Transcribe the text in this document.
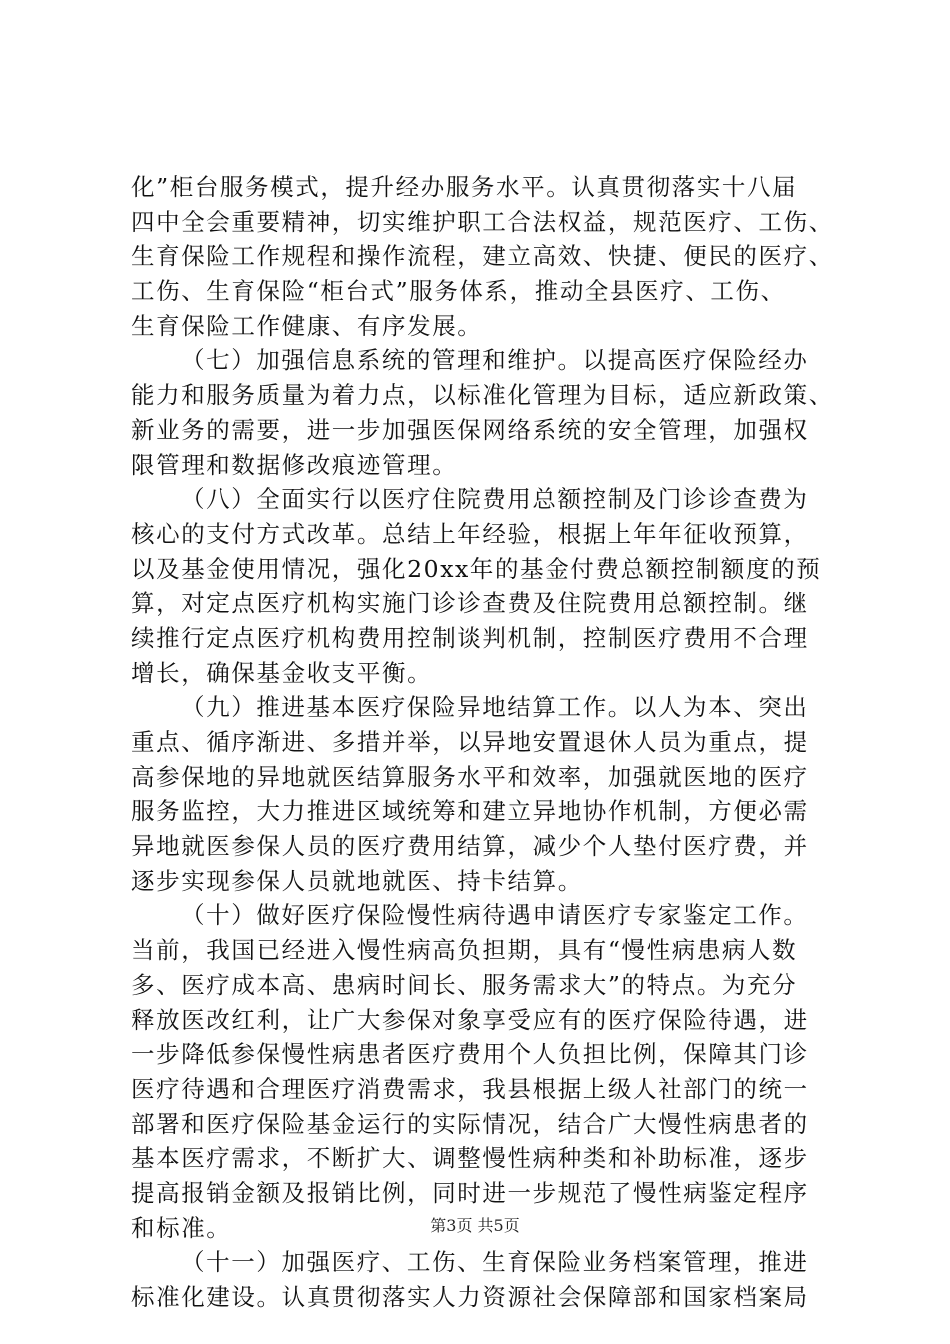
化”柜台服务模式，提升经办服务水平。认真贯彻落实十八届
四中全会重要精神，切实维护职工合法权益，规范医疗、工伤、
生育保险工作规程和操作流程，建立高效、快捷、便民的医疗、
工伤、生育保险“柜台式”服务体系，推动全县医疗、工伤、
生育保险工作健康、有序发展。
（七）加强信息系统的管理和维护。以提高医疗保险经办
能力和服务质量为着力点，以标准化管理为目标，适应新政策、
新业务的需要，进一步加强医保网络系统的安全管理，加强权
限管理和数据修改痕迹管理。
（八）全面实行以医疗住院费用总额控制及门诊诊查费为
核心的支付方式改革。总结上年经验，根据上年年征收预算，
以及基金使用情况，强化20xx年的基金付费总额控制额度的预
算，对定点医疗机构实施门诊诊查费及住院费用总额控制。继
续推行定点医疗机构费用控制谈判机制，控制医疗费用不合理
增长，确保基金收支平衡。
（九）推进基本医疗保险异地结算工作。以人为本、突出
重点、循序渐进、多措并举，以异地安置退休人员为重点，提
高参保地的异地就医结算服务水平和效率，加强就医地的医疗
服务监控，大力推进区域统筹和建立异地协作机制，方便必需
异地就医参保人员的医疗费用结算，减少个人垫付医疗费，并
逐步实现参保人员就地就医、持卡结算。
（十）做好医疗保险慢性病待遇申请医疗专家鉴定工作。
当前，我国已经进入慢性病高负担期，具有“慢性病患病人数
多、医疗成本高、患病时间长、服务需求大”的特点。为充分
释放医改红利，让广大参保对象享受应有的医疗保险待遇，进
一步降低参保慢性病患者医疗费用个人负担比例，保障其门诊
医疗待遇和合理医疗消费需求，我县根据上级人社部门的统一
部署和医疗保险基金运行的实际情况，结合广大慢性病患者的
基本医疗需求，不断扩大、调整慢性病种类和补助标准，逐步
提高报销金额及报销比例，同时进一步规范了慢性病鉴定程序
和标准。
（十一）加强医疗、工伤、生育保险业务档案管理，推进
标准化建设。认真贯彻落实人力资源社会保障部和国家档案局
第3页 共5页
